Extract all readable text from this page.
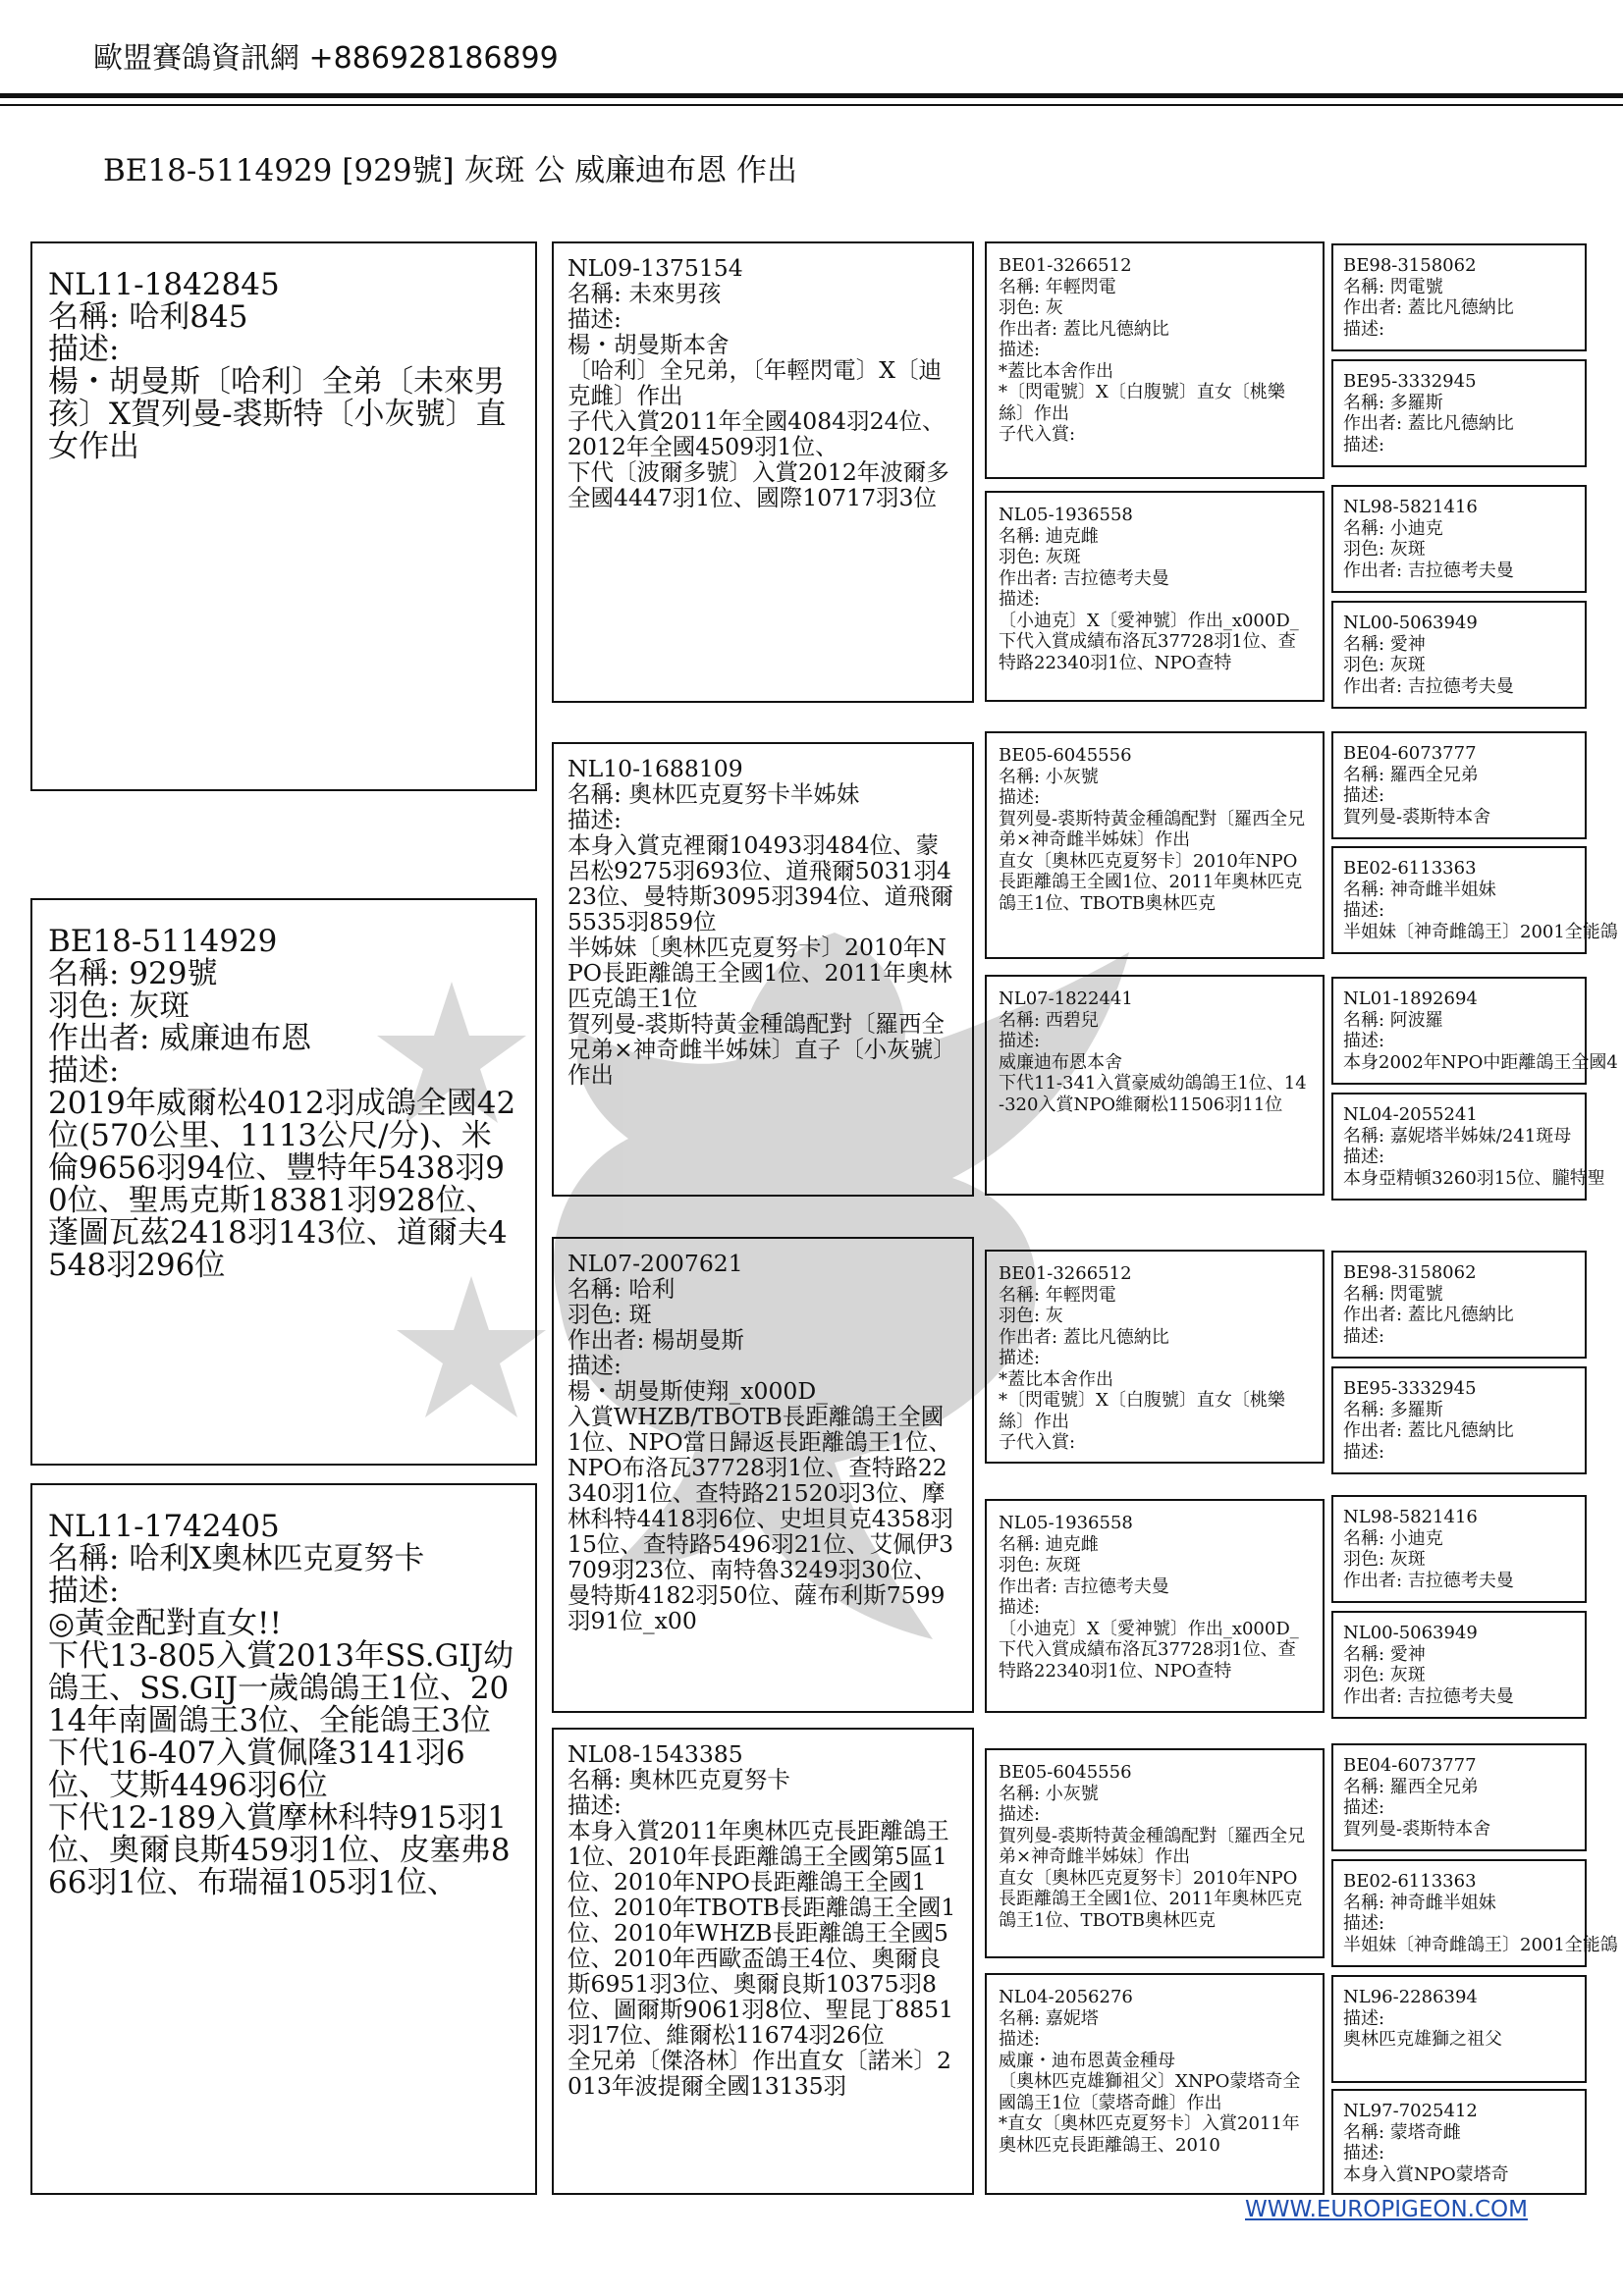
歐盟賽鴿資訊網 +886928186899
BE18-5114929 [929號] 灰斑 公 威廉迪布恩 作出
NL11-1842845
名稱: 哈利845
描述:
楊・胡曼斯〔哈利〕全弟〔未來男孩〕X賀列曼-裘斯特〔小灰號〕直女作出
BE18-5114929
名稱: 929號
羽色: 灰斑
作出者: 威廉迪布恩
描述:
2019年威爾松4012羽成鴿全國42位(570公里、1113公尺/分)、米倫9656羽94位、豐特年5438羽90位、聖馬克斯18381羽928位、蓬圖瓦茲2418羽143位、道爾夫4548羽296位
NL11-1742405
名稱: 哈利X奧林匹克夏努卡
描述:
◎黃金配對直女!!
下代13-805入賞2013年SS.GIJ幼鴿王、SS.GIJ一歲鴿鴿王1位、2014年南圖鴿王3位、全能鴿王3位
下代16-407入賞佩隆3141羽6位、艾斯4496羽6位
下代12-189入賞摩林科特915羽1位、奧爾良斯459羽1位、皮塞弗866羽1位、布瑞福105羽1位、
NL09-1375154
名稱: 未來男孩
描述:
楊・胡曼斯本舍
〔哈利〕全兄弟，〔年輕閃電〕X〔迪克雌〕作出
子代入賞2011年全國4084羽24位、2012年全國4509羽1位、
下代〔波爾多號〕入賞2012年波爾多全國4447羽1位、國際10717羽3位
NL10-1688109
名稱: 奧林匹克夏努卡半姊妹
描述:
本身入賞克裡爾10493羽484位、蒙呂松9275羽693位、道飛爾5031羽423位、曼特斯3095羽394位、道飛爾5535羽859位
半姊妹〔奧林匹克夏努卡〕2010年NPO長距離鴿王全國1位、2011年奧林匹克鴿王1位
賀列曼-裘斯特黃金種鴿配對〔羅西全兄弟×神奇雌半姊妹〕直子〔小灰號〕作出
NL07-2007621
名稱: 哈利
羽色: 斑
作出者: 楊胡曼斯
描述:
楊・胡曼斯使翔_x000D_
入賞WHZB/TBOTB長距離鴿王全國1位、NPO當日歸返長距離鴿王1位、NPO布洛瓦37728羽1位、查特路22340羽1位、查特路21520羽3位、摩林科特4418羽6位、史坦貝克4358羽15位、查特路5496羽21位、艾佩伊3709羽23位、南特魯3249羽30位、曼特斯4182羽50位、薩布利斯7599羽91位_x00
NL08-1543385
名稱: 奧林匹克夏努卡
描述:
本身入賞2011年奧林匹克長距離鴿王1位、2010年長距離鴿王全國第5區1位、2010年NPO長距離鴿王全國1位、2010年TBOTB長距離鴿王全國1位、2010年WHZB長距離鴿王全國5位、2010年西歐盃鴿王4位、奧爾良斯6951羽3位、奧爾良斯10375羽8位、圖爾斯9061羽8位、聖昆丁8851羽17位、維爾松11674羽26位
全兄弟〔傑洛林〕作出直女〔諾米〕2013年波提爾全國13135羽
BE01-3266512
名稱: 年輕閃電
羽色: 灰
作出者: 蓋比凡德納比
描述:
*蓋比本舍作出
*〔閃電號〕X〔白腹號〕直女〔桃樂絲〕作出
子代入賞:
NL05-1936558
名稱: 迪克雌
羽色: 灰斑
作出者: 吉拉德考夫曼
描述:
〔小迪克〕X〔愛神號〕作出_x000D_
下代入賞成績布洛瓦37728羽1位、查特路22340羽1位、NPO查特
BE05-6045556
名稱: 小灰號
描述:
賀列曼-裘斯特黃金種鴿配對〔羅西全兄弟×神奇雌半姊妹〕作出
直女〔奧林匹克夏努卡〕2010年NPO長距離鴿王全國1位、2011年奧林匹克鴿王1位、TBOTB奧林匹克
NL07-1822441
名稱: 西碧兒
描述:
威廉迪布恩本舍
下代11-341入賞豪威幼鴿鴿王1位、14-320入賞NPO維爾松11506羽11位
BE01-3266512
名稱: 年輕閃電
羽色: 灰
作出者: 蓋比凡德納比
描述:
*蓋比本舍作出
*〔閃電號〕X〔白腹號〕直女〔桃樂絲〕作出
子代入賞:
NL05-1936558
名稱: 迪克雌
羽色: 灰斑
作出者: 吉拉德考夫曼
描述:
〔小迪克〕X〔愛神號〕作出_x000D_
下代入賞成績布洛瓦37728羽1位、查特路22340羽1位、NPO查特
BE05-6045556
名稱: 小灰號
描述:
賀列曼-裘斯特黃金種鴿配對〔羅西全兄弟×神奇雌半姊妹〕作出
直女〔奧林匹克夏努卡〕2010年NPO長距離鴿王全國1位、2011年奧林匹克鴿王1位、TBOTB奧林匹克
NL04-2056276
名稱: 嘉妮塔
描述:
威廉・迪布恩黃金種母
〔奧林匹克雄獅祖父〕XNPO蒙塔奇全國鴿王1位〔蒙塔奇雌〕作出
*直女〔奧林匹克夏努卡〕入賞2011年奧林匹克長距離鴿王、2010
BE98-3158062
名稱: 閃電號
作出者: 蓋比凡德納比
描述:
BE95-3332945
名稱: 多羅斯
作出者: 蓋比凡德納比
描述:
NL98-5821416
名稱: 小迪克
羽色: 灰斑
作出者: 吉拉德考夫曼
NL00-5063949
名稱: 愛神
羽色: 灰斑
作出者: 吉拉德考夫曼
BE04-6073777
名稱: 羅西全兄弟
描述:
賀列曼-裘斯特本舍
BE02-6113363
名稱: 神奇雌半姐妹
描述:
半姐妹〔神奇雌鴿王〕2001全能鴿
NL01-1892694
名稱: 阿波羅
描述:
本身2002年NPO中距離鴿王全國4
NL04-2055241
名稱: 嘉妮塔半姊妹/241斑母
描述:
本身亞精頓3260羽15位、朧特聖
BE98-3158062
名稱: 閃電號
作出者: 蓋比凡德納比
描述:
BE95-3332945
名稱: 多羅斯
作出者: 蓋比凡德納比
描述:
NL98-5821416
名稱: 小迪克
羽色: 灰斑
作出者: 吉拉德考夫曼
NL00-5063949
名稱: 愛神
羽色: 灰斑
作出者: 吉拉德考夫曼
BE04-6073777
名稱: 羅西全兄弟
描述:
賀列曼-裘斯特本舍
BE02-6113363
名稱: 神奇雌半姐妹
描述:
半姐妹〔神奇雌鴿王〕2001全能鴿
NL96-2286394
描述:
奧林匹克雄獅之祖父
NL97-7025412
名稱: 蒙塔奇雌
描述:
本身入賞NPO蒙塔奇
WWW.EUROPIGEON.COM
